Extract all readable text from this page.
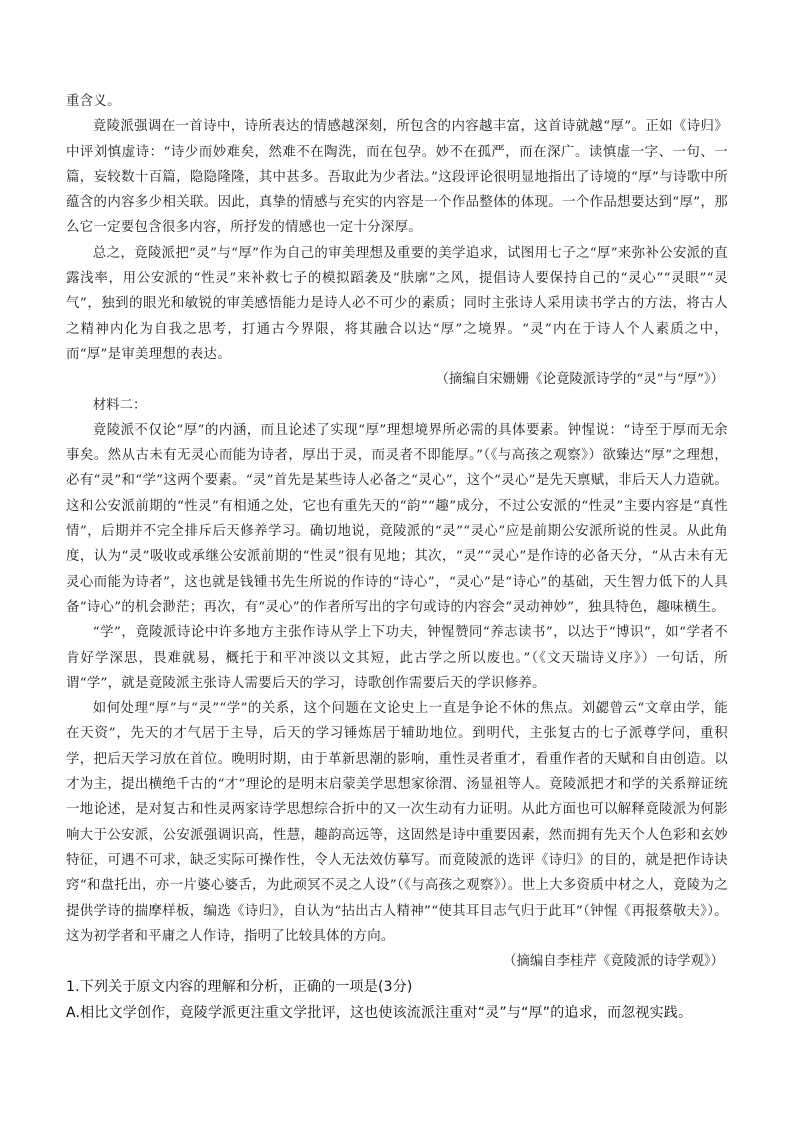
重含义。

竟陵派强调在一首诗中，诗所表达的情感越深刻，所包含的内容越丰富，这首诗就越“厚”。正如《诗归》中评刘慎虚诗：“诗少而妙难矣，然难不在陶洗，而在包孕。妙不在孤严，而在深广。读慎虚一字、一句、一篇，妄较数十百篇，隐隐隆隆，其中甚多。吾取此为少者法。”这段评论很明显地指出了诗境的“厚”与诗歌中所蕴含的内容多少相关联。因此，真挚的情感与充实的内容是一个作品整体的体现。一个作品想要达到“厚”，那么它一定要包含很多内容，所抒发的情感也一定十分深厚。

总之，竟陵派把“灵”与“厚”作为自己的审美理想及重要的美学追求，试图用七子之“厚”来弥补公安派的直露浅率，用公安派的“性灵”来补救七子的模拟蹈袭及“肤廓”之风，提倡诗人要保持自己的“灵心”“灵眼”“灵气”，独到的眼光和敏锐的审美感悟能力是诗人必不可少的素质；同时主张诗人采用读书学古的方法，将古人之精神内化为自我之思考，打通古今界限，将其融合以达“厚”之境界。“灵”内在于诗人个人素质之中，而“厚”是审美理想的表达。

（摘编自宋姗姗《论竟陵派诗学的“灵”与“厚”》）

材料二：

竟陵派不仅论“厚”的内涵，而且论述了实现“厚”理想境界所必需的具体要素。钟惺说：“诗至于厚而无余事矣。然从古未有无灵心而能为诗者，厚出于灵，而灵者不即能厚。”（《与高孩之观察》）欲臻达“厚”之理想，必有“灵”和“学”这两个要素。“灵”首先是某些诗人必备之“灵心”，这个“灵心”是先天禀赋，非后天人力造就。这和公安派前期的“性灵”有相通之处，它也有重先天的“韵”“趣”成分，不过公安派的“性灵”主要内容是“真性情”，后期并不完全排斥后天修养学习。确切地说，竟陵派的“灵”“灵心”应是前期公安派所说的性灵。从此角度，认为“灵”吸收或承继公安派前期的“性灵”很有见地；其次，“灵”“灵心”是作诗的必备天分，“从古未有无灵心而能为诗者”，这也就是钱锺书先生所说的作诗的“诗心”，“灵心”是“诗心”的基础，天生智力低下的人具备“诗心”的机会渺茫；再次，有“灵心”的作者所写出的字句或诗的内容会“灵动神妙”，独具特色，趣味横生。

“学”，竟陵派诗论中许多地方主张作诗从学上下功夫，钟惺赞同“养志读书”，以达于“博识”，如“学者不肯好学深思，畏难就易，概托于和平冲淡以文其短，此古学之所以废也。”（《文天瑞诗义序》）一句话，所谓“学”，就是竟陵派主张诗人需要后天的学习，诗歌创作需要后天的学识修养。

如何处理“厚”与“灵”“学”的关系，这个问题在文论史上一直是争论不休的焦点。刘勰曾云“文章由学，能在天资”，先天的才气居于主导，后天的学习锤炼居于辅助地位。到明代，主张复古的七子派尊学问，重积学，把后天学习放在首位。晚明时期，由于革新思潮的影响，重性灵者重才，看重作者的天赋和自由创造。以才为主，提出横绝千古的“才”理论的是明末启蒙美学思想家徐渭、汤显祖等人。竟陵派把才和学的关系辩证统一地论述，是对复古和性灵两家诗学思想综合折中的又一次生动有力证明。从此方面也可以解释竟陵派为何影响大于公安派，公安派强调识高，性慧，趣韵高远等，这固然是诗中重要因素，然而拥有先天个人色彩和玄妙特征，可遇不可求，缺乏实际可操作性，令人无法效仿摹写。而竟陵派的选评《诗归》的目的，就是把作诗诀窍“和盘托出，亦一片婆心婆舌，为此顽冥不灵之人设”（《与高孩之观察》）。世上大多资质中材之人，竟陵为之提供学诗的揣摩样板，编选《诗归》，自认为“拈出古人精神”“使其耳目志气归于此耳”（钟惺《再报蔡敬夫》）。这为初学者和平庸之人作诗，指明了比较具体的方向。

（摘编自李桂芹《竟陵派的诗学观》）

1.下列关于原文内容的理解和分析，正确的一项是(3分)

A.相比文学创作，竟陵学派更注重文学批评，这也使该流派注重对“灵”与“厚”的追求，而忽视实践。
